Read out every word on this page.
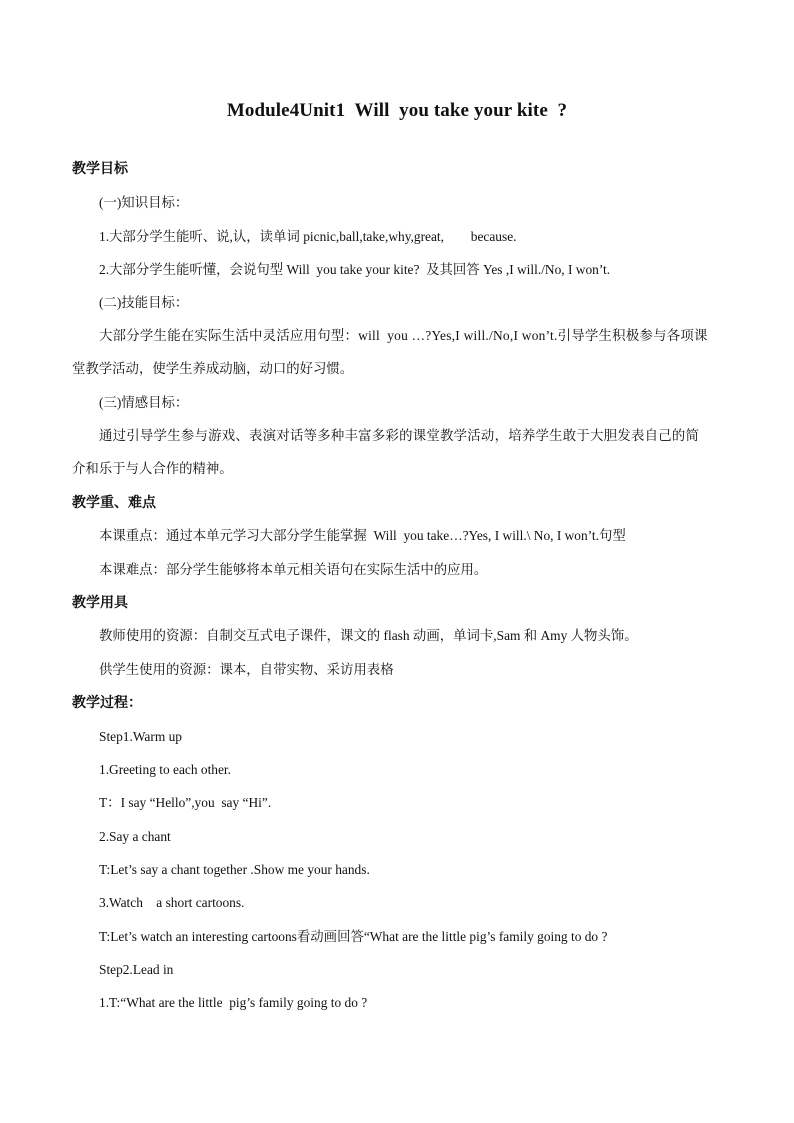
Module4Unit1  Will  you take your kite  ?
教学目标
(一)知识目标：
1.大部分学生能听、说,认，读单词 picnic,ball,take,why,great,        because.
2.大部分学生能听懂，会说句型 Will  you take your kite?  及其回答 Yes ,I will./No, I won’t.
(二)技能目标：
大部分学生能在实际生活中灵活应用句型：will  you …?Yes,I will./No,I won’t.引导学生积极参与各项课
堂教学活动，使学生养成动脑，动口的好习惯。
(三)情感目标：
通过引导学生参与游戏、表演对话等多种丰富多彩的课堂教学活动，培养学生敢于大胆发表自己的简
介和乐于与人合作的精神。
教学重、难点
本课重点：通过本单元学习大部分学生能掌握  Will  you take…?Yes, I will.\ No, I won’t.句型
本课难点：部分学生能够将本单元相关语句在实际生活中的应用。
教学用具
教师使用的资源：自制交互式电子课件，课文的 flash 动画，单词卡,Sam 和 Amy 人物头饰。
供学生使用的资源：课本，自带实物、采访用表格
教学过程：
Step1.Warm up
1.Greeting to each other.
T：I say “Hello”,you  say “Hi”.
2.Say a chant
T:Let’s say a chant together .Show me your hands.
3.Watch    a short cartoons.
T:Let’s watch an interesting cartoons看动画回答“What are the little pig’s family going to do ?
Step2.Lead in
1.T:“What are the little  pig’s family going to do ?
